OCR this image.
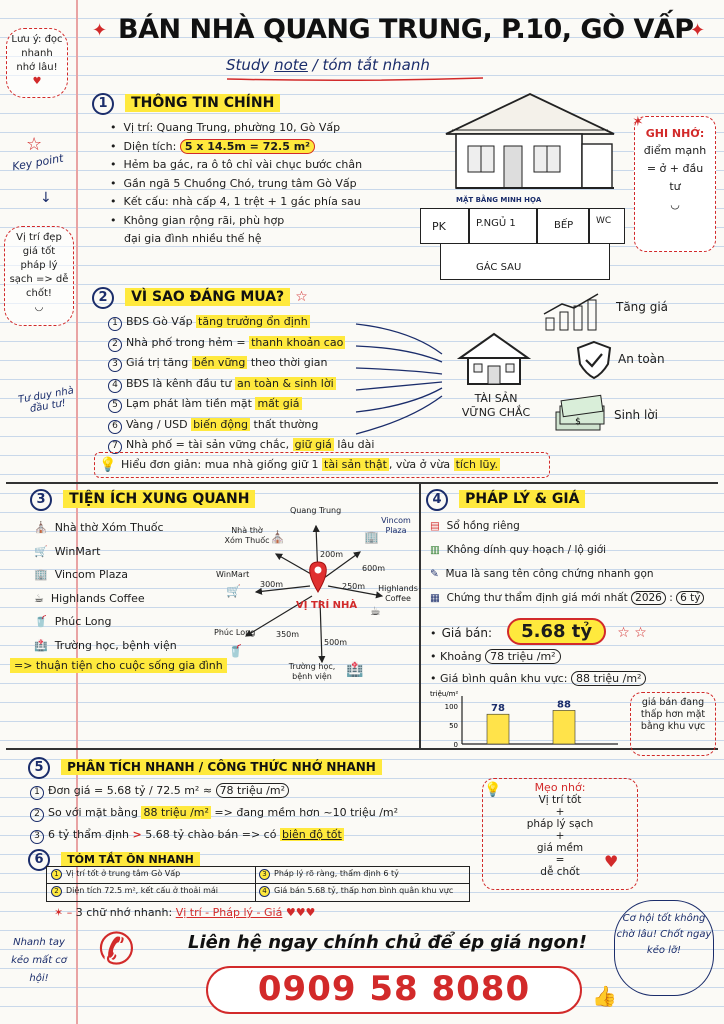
BÁN NHÀ QUANG TRUNG, P.10, GÒ VẤP
✦	✦
Study note / tóm tắt nhanh
Lưu ý: đọc nhanh nhớ lâu!
♥
☆
Key point
↓
Vị trí đẹp giá tốt pháp lý sạch => dễ chốt!
◡
Tư duy nhà đầu tư!
Nhanh tay kẻo mất cơ hội!
1 THÔNG TIN CHÍNH
•  Vị trí: Quang Trung, phường 10, Gò Vấp
•  Diện tích: 5 x 14.5m = 72.5 m²
•  Hẻm ba gác, ra ô tô chỉ vài chục bước chân
•  Gần ngã 5 Chuồng Chó, trung tâm Gò Vấp
•  Kết cấu: nhà cấp 4, 1 trệt + 1 gác phía sau
•  Không gian rộng rãi, phù hợp
đại gia đình nhiều thế hệ
MẶT BẰNG MINH HỌA
PK	P.NGỦ 1	BẾP	WC
GÁC SAU
GHI NHỚ:
điểm mạnh = ở + đầu tư
◡
✶
2 VÌ SAO ĐÁNG MUA? ☆
1 BĐS Gò Vấp tăng trưởng ổn định
2 Nhà phố trong hẻm = thanh khoản cao
3 Giá trị tăng bền vững theo thời gian
4 BĐS là kênh đầu tư an toàn & sinh lời
5 Lạm phát làm tiền mặt mất giá
6 Vàng / USD biến động thất thường
7 Nhà phố = tài sản vững chắc, giữ giá lâu dài
TÀI SẢN VỮNG CHẮC
Tăng giá
An toàn
$	Sinh lời
💡 Hiểu đơn giản: mua nhà giống giữ 1 tài sản thật , vừa ở vừa tích lũy.
3 TIỆN ÍCH XUNG QUANH
⛪ Nhà thờ Xóm Thuốc
🛒 WinMart
🏢 Vincom Plaza
☕ Highlands Coffee
🥤 Phúc Long
🏥 Trường học, bệnh viện
=> thuận tiện cho cuộc sống gia đình
VỊ TRÍ NHÀ
Nhà thờ Xóm Thuốc ⛪
Quang Trung
Vincom Plaza
🏢
WinMart
🛒	Highlands Coffee
☕
Phúc Long
🥤
Trường học, bệnh viện 🏥
200m
600m
300m	250m
350m
500m
4 PHÁP LÝ & GIÁ
▤ Sổ hồng riêng
▥ Không dính quy hoạch / lộ giới
✎ Mua là sang tên công chứng nhanh gọn
▦ Chứng thư thẩm định giá mới nhất 2026 : 6 tỷ
• Giá bán: 5.68 tỷ ☆ ☆
• Khoảng 78 triệu /m²
• Giá bình quân khu vực: 88 triệu /m²
triệu/m²
0
50
100	78	88	giá bán đang thấp hơn mặt bằng khu vực
5 PHÂN TÍCH NHANH / CÔNG THỨC NHỚ NHANH
1 Đơn giá = 5.68 tỷ / 72.5 m² ≈ 78 triệu /m²
2 So với mặt bằng 88 triệu /m² => đang mềm hơn ~10 triệu /m²
3 6 tỷ thẩm định > 5.68 tỷ chào bán => có biên độ tốt
Mẹo nhớ:
Vị trí tốt
+
pháp lý sạch
+
giá mềm
=
dễ chốt
💡
♥
6 TÓM TẮT ÔN NHANH
1 Vị trí tốt ở trung tâm Gò Vấp	3 Pháp lý rõ ràng, thẩm định 6 tỷ
2 Diện tích 72.5 m², kết cấu ở thoải mái	4 Giá bán 5.68 tỷ, thấp hơn bình quân khu vực
✶ – 3 chữ nhớ nhanh: Vị trí - Pháp lý - Giá ♥♥♥
✆	Liên hệ ngay chính chủ để ép giá ngon!
0909 58 8080	👍
Cơ hội tốt không chờ lâu! Chốt ngay kẻo lỡ!
